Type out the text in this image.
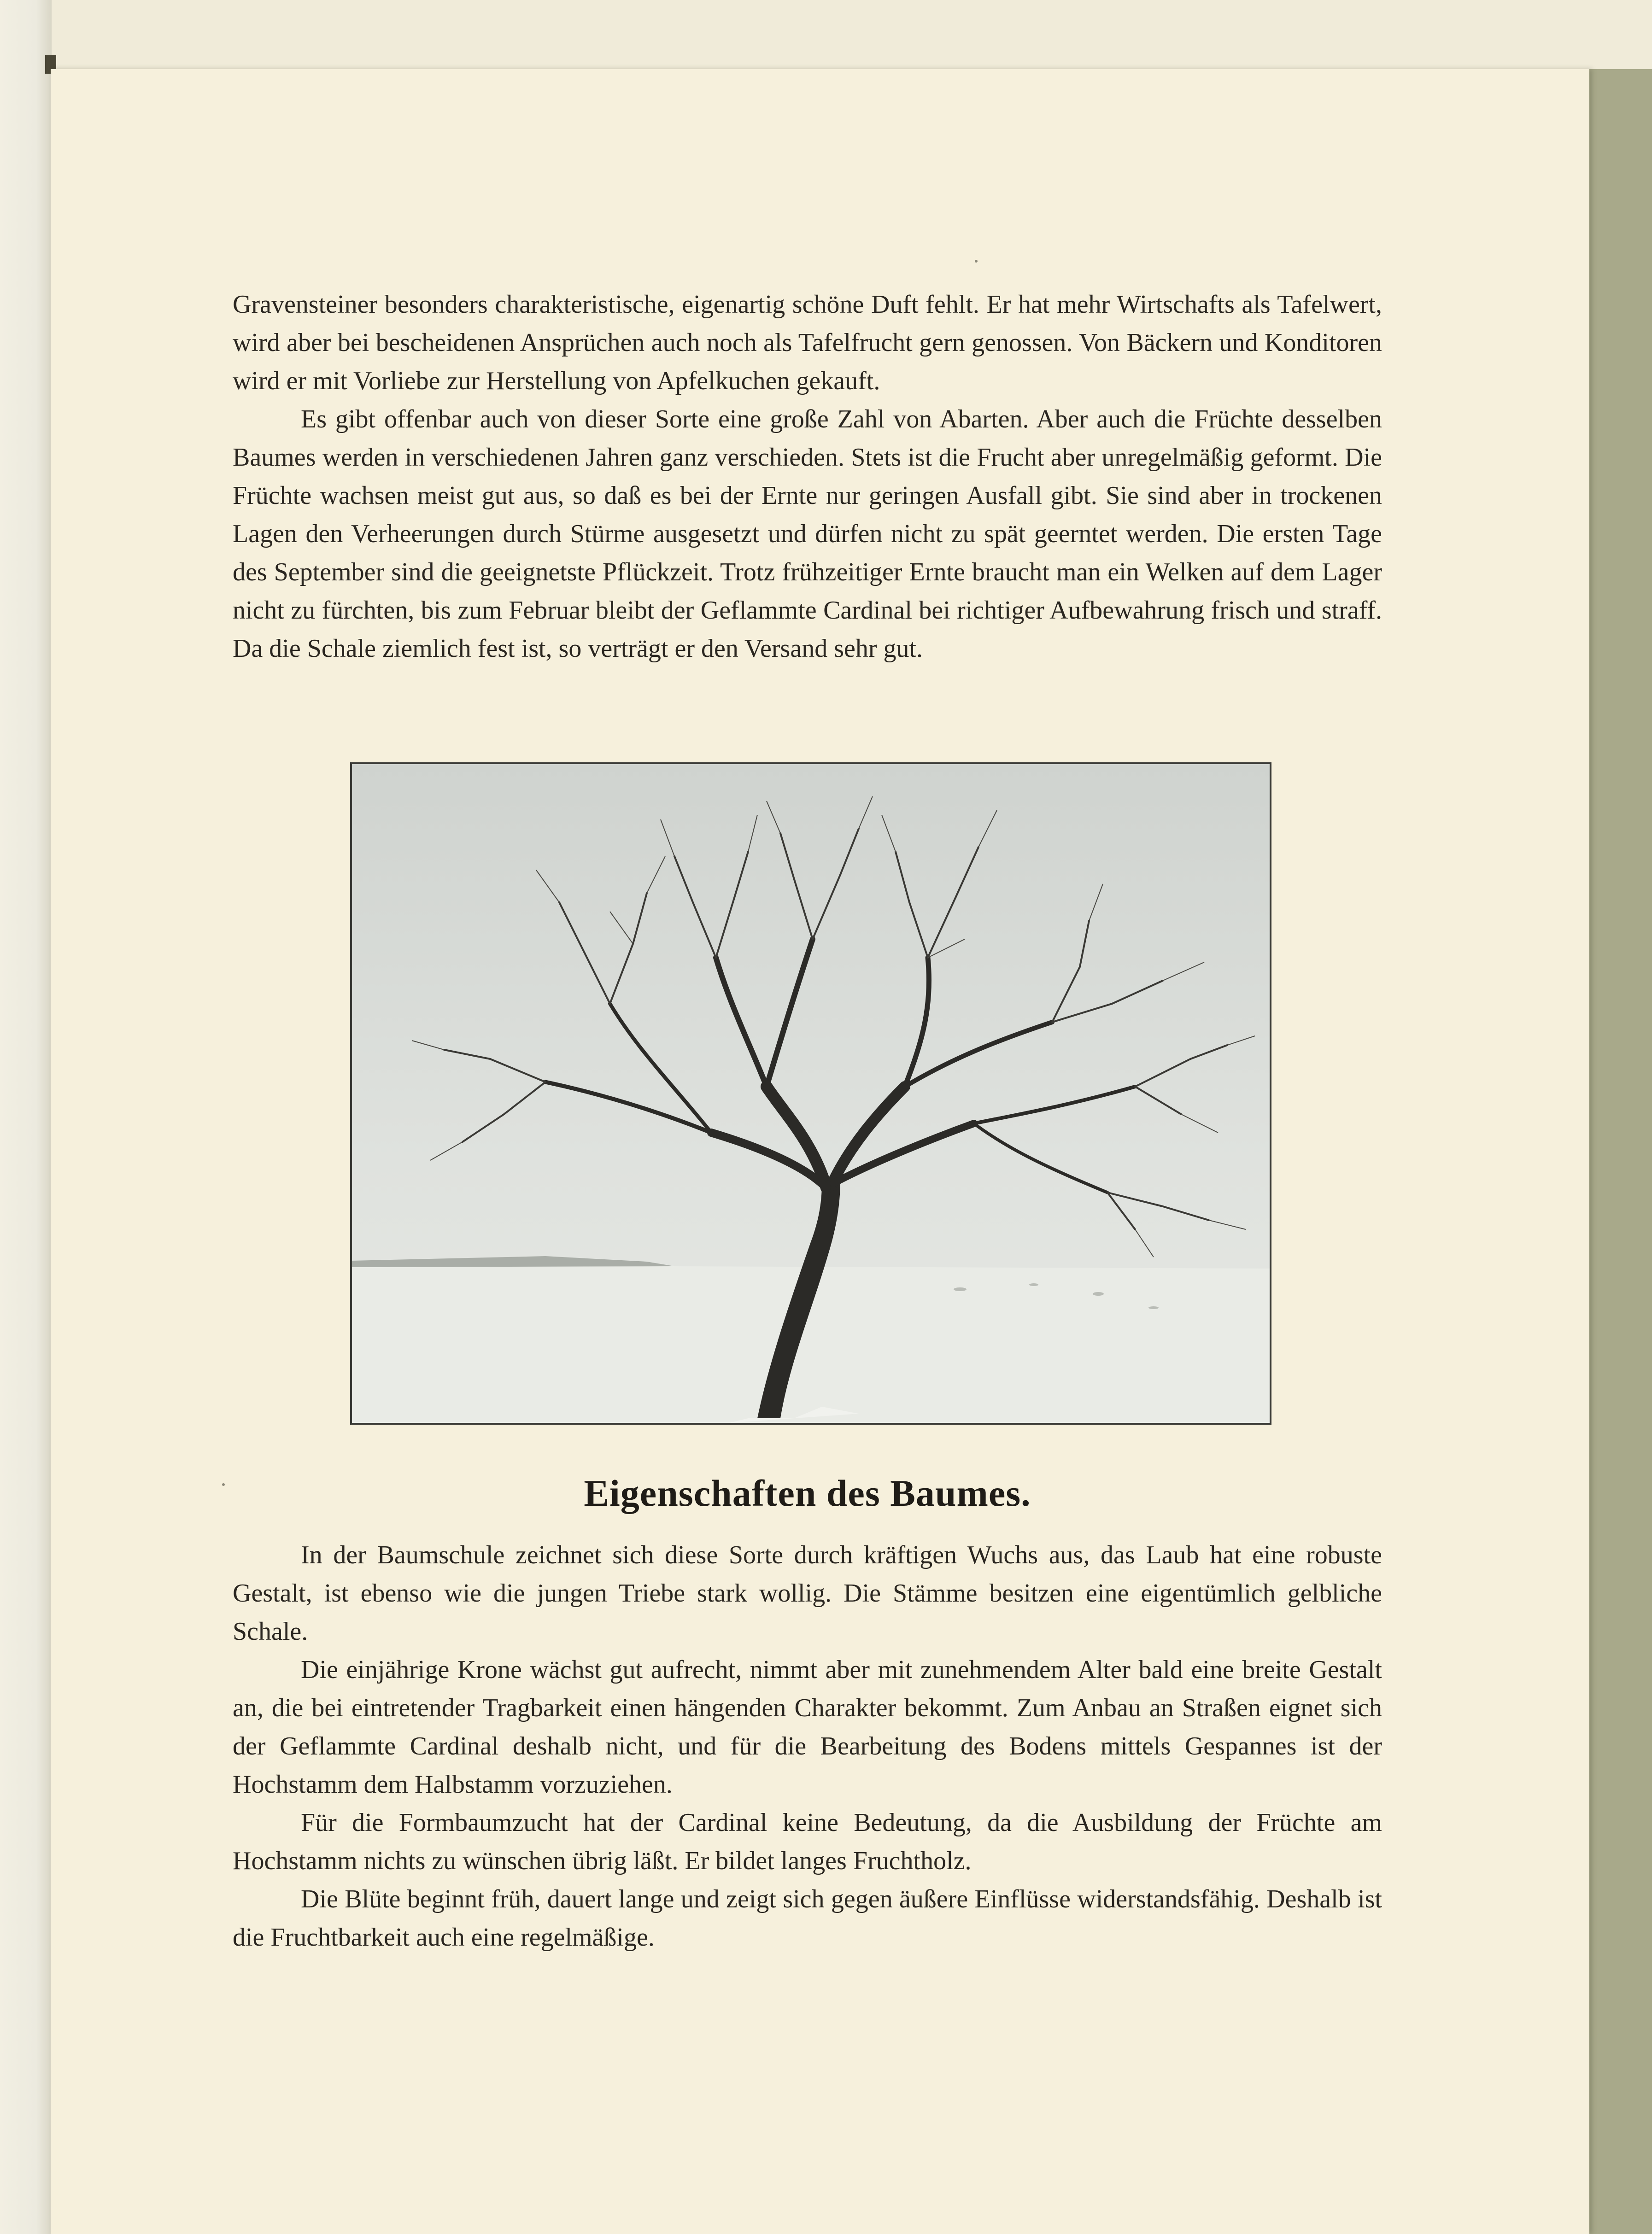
Gravensteiner besonders charakteristische, eigenartig schöne Duft fehlt. Er hat mehr Wirtschafts als Tafelwert, wird aber bei bescheidenen Ansprüchen auch noch als Tafelfrucht gern genossen. Von Bäckern und Konditoren wird er mit Vorliebe zur Herstellung von Apfelkuchen gekauft.

Es gibt offenbar auch von dieser Sorte eine große Zahl von Abarten. Aber auch die Früchte desselben Baumes werden in verschiedenen Jahren ganz verschieden. Stets ist die Frucht aber unregelmäßig geformt. Die Früchte wachsen meist gut aus, so daß es bei der Ernte nur geringen Ausfall gibt. Sie sind aber in trockenen Lagen den Verheerungen durch Stürme ausgesetzt und dürfen nicht zu spät geerntet werden. Die ersten Tage des September sind die geeignetste Pflückzeit. Trotz frühzeitiger Ernte braucht man ein Welken auf dem Lager nicht zu fürchten, bis zum Februar bleibt der Geflammte Cardinal bei richtiger Aufbewahrung frisch und straff. Da die Schale ziemlich fest ist, so verträgt er den Versand sehr gut.

Eigenschaften des Baumes.

In der Baumschule zeichnet sich diese Sorte durch kräftigen Wuchs aus, das Laub hat eine robuste Gestalt, ist ebenso wie die jungen Triebe stark wollig. Die Stämme besitzen eine eigentümlich gelbliche Schale.

Die einjährige Krone wächst gut aufrecht, nimmt aber mit zunehmendem Alter bald eine breite Gestalt an, die bei eintretender Tragbarkeit einen hängenden Charakter bekommt. Zum Anbau an Straßen eignet sich der Geflammte Cardinal deshalb nicht, und für die Bearbeitung des Bodens mittels Gespannes ist der Hochstamm dem Halbstamm vorzuziehen.

Für die Formbaumzucht hat der Cardinal keine Bedeutung, da die Ausbildung der Früchte am Hochstamm nichts zu wünschen übrig läßt. Er bildet langes Fruchtholz.

Die Blüte beginnt früh, dauert lange und zeigt sich gegen äußere Einflüsse widerstandsfähig. Deshalb ist die Fruchtbarkeit auch eine regelmäßige.
